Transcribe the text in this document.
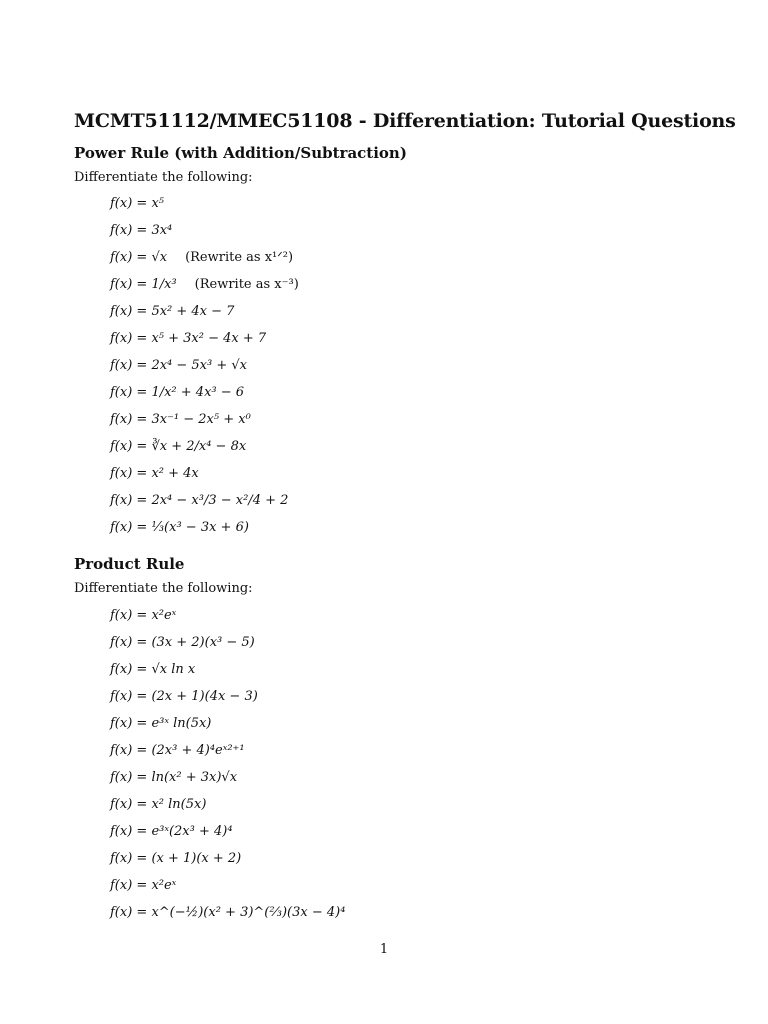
MCMT51112/MMEC51108 - Differentiation: Tutorial Questions
Power Rule (with Addition/Subtraction)
Differentiate the following:
f(x) = x⁵
f(x) = 3x⁴
f(x) = √x (Rewrite as x¹ᐟ²)
f(x) = 1/x³ (Rewrite as x⁻³)
f(x) = 5x² + 4x − 7
f(x) = x⁵ + 3x² − 4x + 7
f(x) = 2x⁴ − 5x³ + √x
f(x) = 1/x² + 4x³ − 6
f(x) = 3x⁻¹ − 2x⁵ + x⁰
f(x) = ∛x + 2/x⁴ − 8x
f(x) = x² + 4x
f(x) = 2x⁴ − x³/3 − x²/4 + 2
f(x) = ⅓(x³ − 3x + 6)
Product Rule
Differentiate the following:
f(x) = x²eˣ
f(x) = (3x + 2)(x³ − 5)
f(x) = √x ln x
f(x) = (2x + 1)(4x − 3)
f(x) = e³ˣ ln(5x)
f(x) = (2x³ + 4)⁴eˣ²⁺¹
f(x) = ln(x² + 3x)√x
f(x) = x² ln(5x)
f(x) = e³ˣ(2x³ + 4)⁴
f(x) = (x + 1)(x + 2)
f(x) = x²eˣ
f(x) = x^(−½)(x² + 3)^(⅔)(3x − 4)⁴
1
